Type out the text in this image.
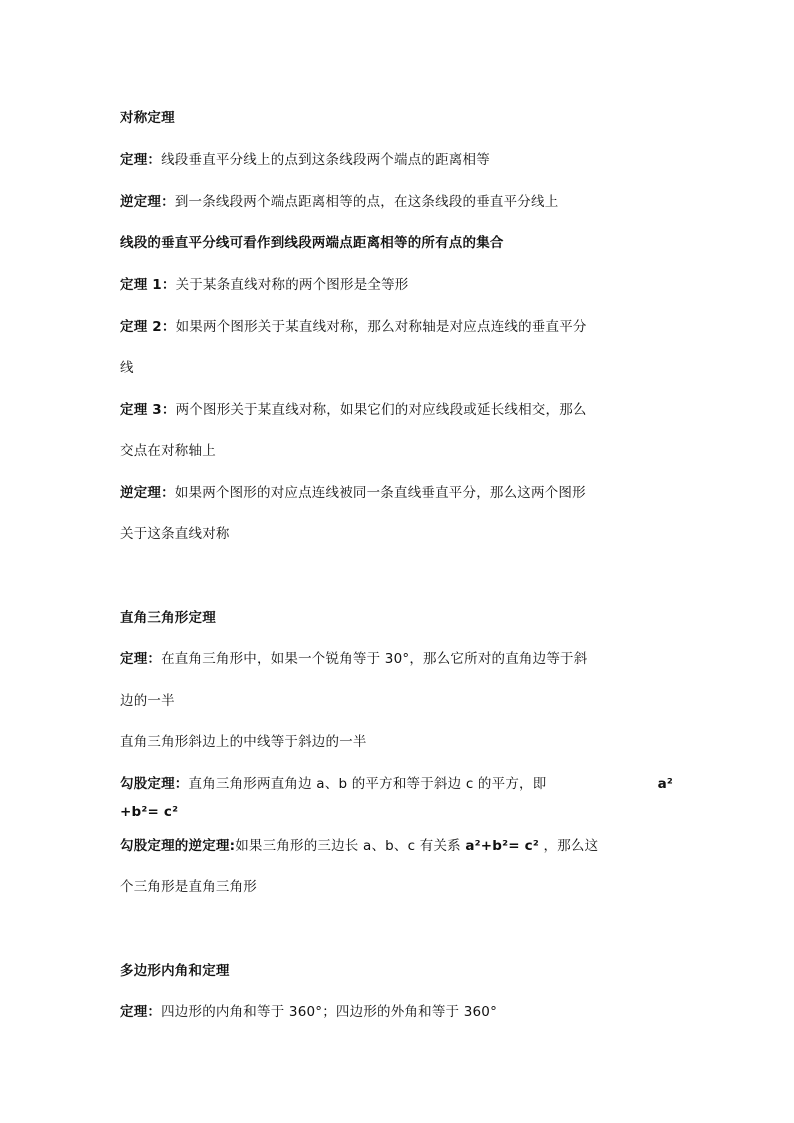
对称定理
定理：线段垂直平分线上的点到这条线段两个端点的距离相等
逆定理：到一条线段两个端点距离相等的点，在这条线段的垂直平分线上
线段的垂直平分线可看作到线段两端点距离相等的所有点的集合
定理 1：关于某条直线对称的两个图形是全等形
定理 2：如果两个图形关于某直线对称，那么对称轴是对应点连线的垂直平分
线
定理 3：两个图形关于某直线对称，如果它们的对应线段或延长线相交，那么
交点在对称轴上
逆定理：如果两个图形的对应点连线被同一条直线垂直平分，那么这两个图形
关于这条直线对称
直角三角形定理
定理：在直角三角形中，如果一个锐角等于 30°，那么它所对的直角边等于斜
边的一半
直角三角形斜边上的中线等于斜边的一半
勾股定理：直角三角形两直角边 a、b 的平方和等于斜边 c 的平方，即	a²
+b²= c²
勾股定理的逆定理:如果三角形的三边长 a、b、c 有关系 a²+b²= c² ，那么这
个三角形是直角三角形
多边形内角和定理
定理：四边形的内角和等于 360°；四边形的外角和等于 360°
